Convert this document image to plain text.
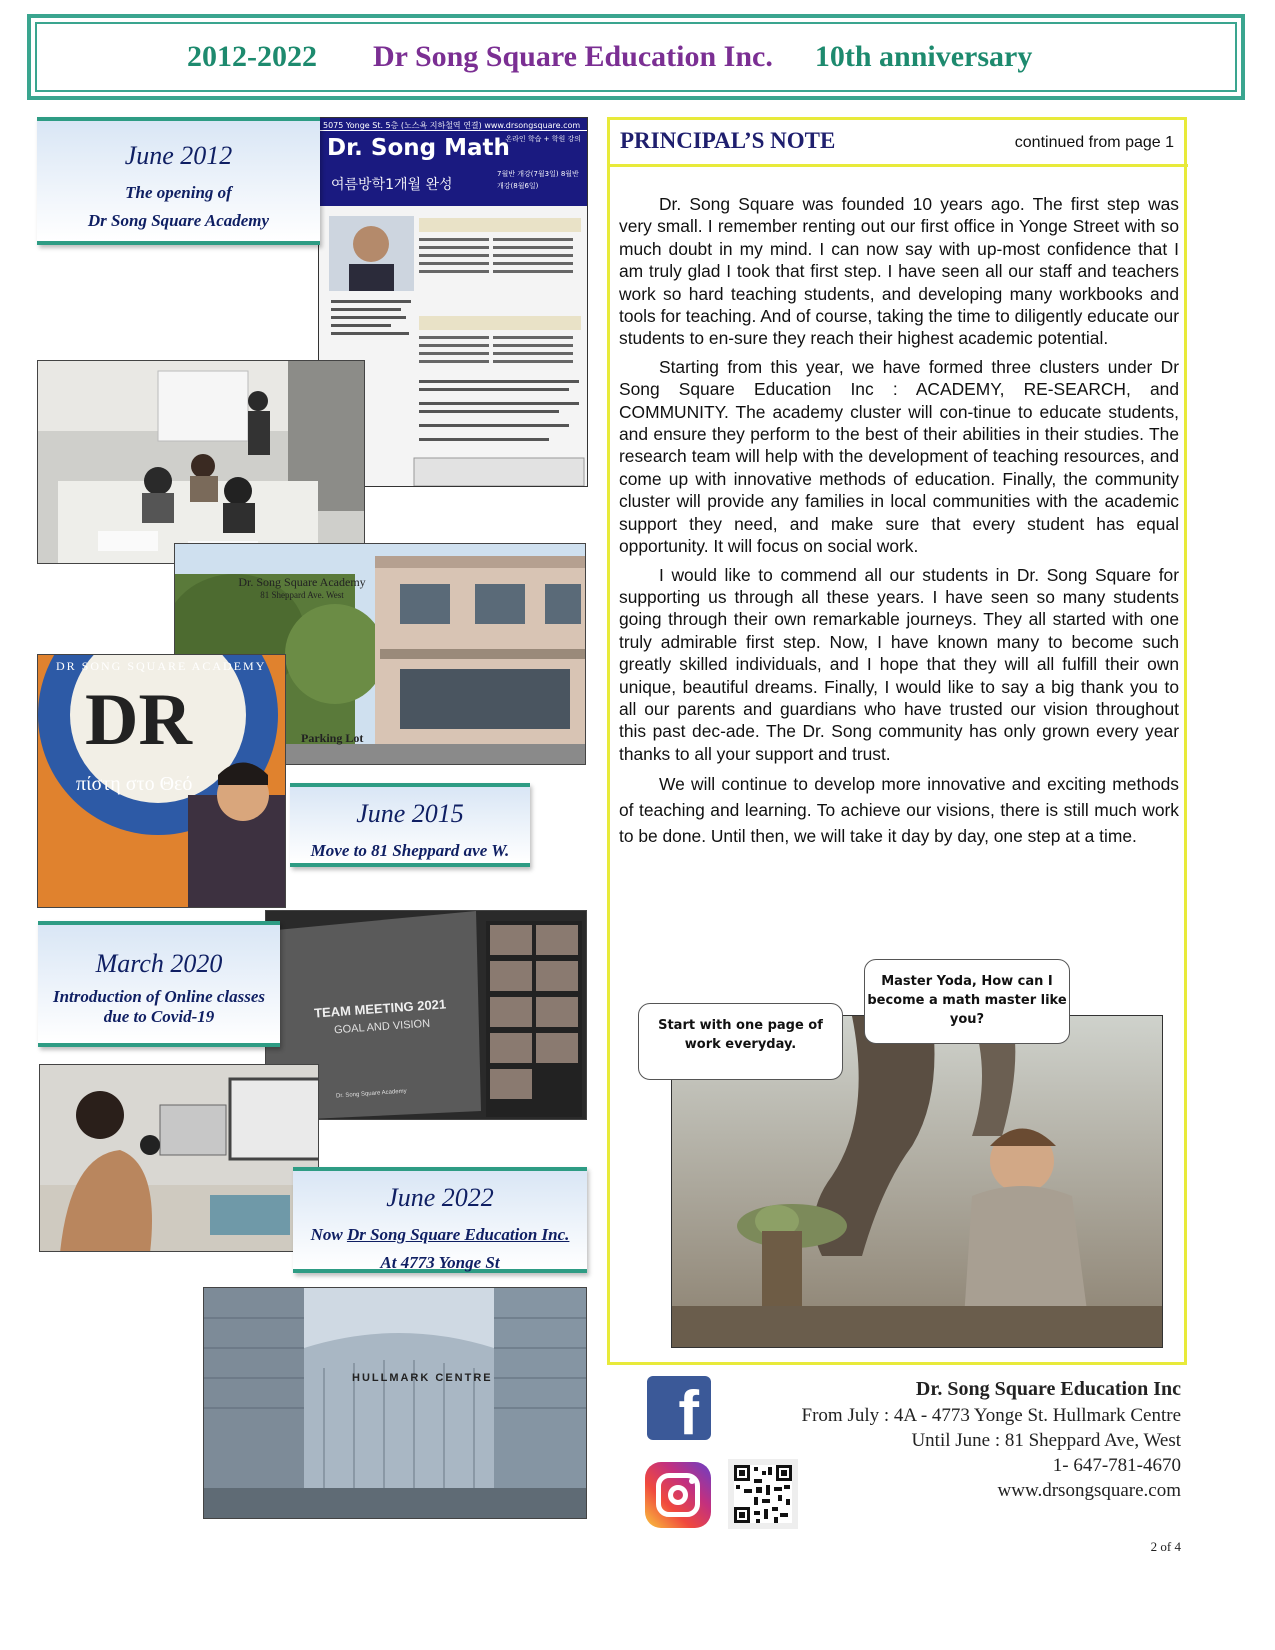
2012-2022 Dr Song Square Education Inc. 10th anniversary
5075 Yonge St. 5층 (노스욕 지하철역 연결) www.drsongsquare.com
Dr. Song Math
여름방학1개월 완성
온라인 학습 + 학원 강의
7월반 개강(7월3일) 8월반 개강(8월6일)
Dr. Song Square Academy
81 Sheppard Ave. West
Parking Lot
DR
DR SONG SQUARE ACADEMY
πίστη στο Θεό
TEAM MEETING 2021
GOAL AND VISION
Dr. Song Square Academy
HULLMARK CENTRE
June 2012
The opening of
Dr Song Square Academy
June 2015
Move to 81 Sheppard ave W.
March 2020
Introduction of Online classes
due to Covid-19
June 2022
Now Dr Song Square Education Inc.
At 4773 Yonge St
PRINCIPAL’S NOTE	continued from page 1

Dr. Song Square was founded 10 years ago. The first step was very small. I remember renting out our first office in Yonge Street with so much doubt in my mind. I can now say with up-most confidence that I am truly glad I took that first step. I have seen all our staff and teachers work so hard teaching students, and developing many workbooks and tools for teaching. And of course, taking the time to diligently educate our students to en-sure they reach their highest academic potential.

Starting from this year, we have formed three clusters under Dr Song Square Education Inc : ACADEMY, RE-SEARCH, and COMMUNITY. The academy cluster will con-tinue to educate students, and ensure they perform to the best of their abilities in their studies. The research team will help with the development of teaching resources, and come up with innovative methods of education. Finally, the community cluster will provide any families in local communities with the academic support they need, and make sure that every student has equal opportunity. It will focus on social work.

I would like to commend all our students in Dr. Song Square for supporting us through all these years. I have seen so many students going through their own remarkable journeys. They all started with one truly admirable first step. Now, I have known many to become such greatly skilled individuals, and I hope that they will all fulfill their own unique, beautiful dreams. Finally, I would like to say a big thank you to all our parents and guardians who have trusted our vision throughout this past dec-ade. The Dr. Song community has only grown every year thanks to all your support and trust.

We will continue to develop more innovative and exciting methods of teaching and learning. To achieve our visions, there is still much work to be done. Until then, we will take it day by day, one step at a time.

Start with one page of work everyday.
Master Yoda, How can I become a math master like you?
f	Dr. Song Square Education Inc
From July : 4A - 4773 Yonge St. Hullmark Centre
Until June : 81 Sheppard Ave, West
1- 647-781-4670
www.drsongsquare.com
2 of 4
